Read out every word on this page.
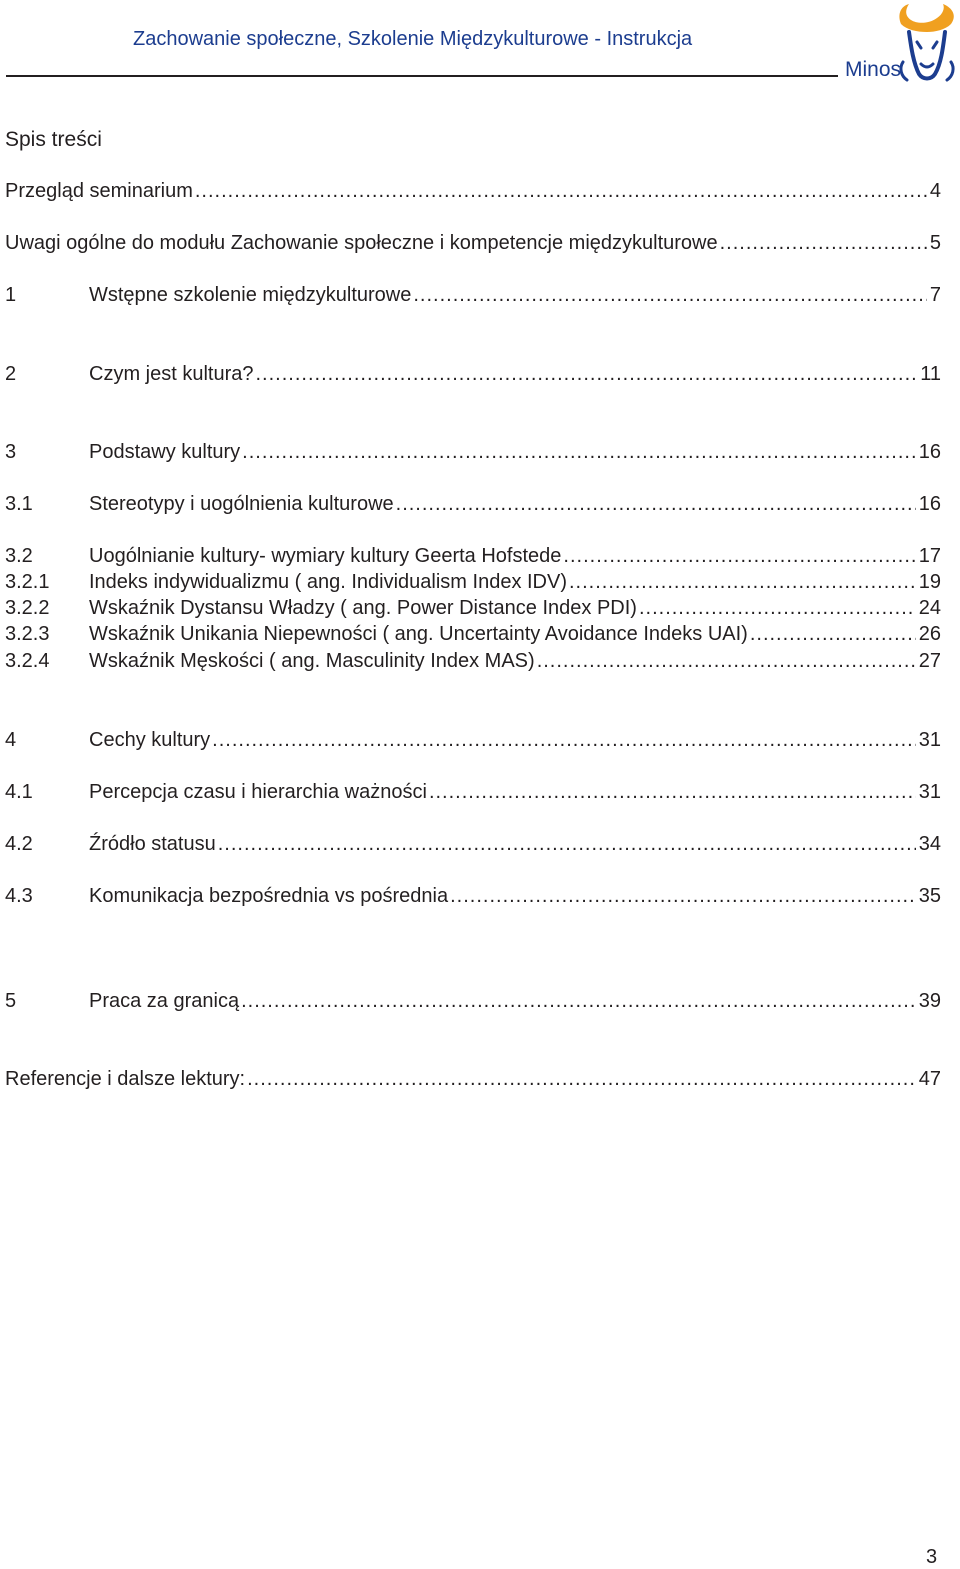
Zachowanie społeczne, Szkolenie Międzykulturowe - Instrukcja
Minos
Spis treści
Przegląd seminarium .....	4
Uwagi ogólne do modułu Zachowanie społeczne i kompetencje międzykulturowe .....	5
1	Wstępne szkolenie międzykulturowe .....	7
2	Czym jest kultura? .....	11
3	Podstawy kultury .....	16
3.1	Stereotypy i uogólnienia kulturowe .....	16
3.2	Uogólnianie kultury- wymiary kultury Geerta Hofstede .....	17
3.2.1	Indeks indywidualizmu ( ang. Individualism Index IDV) .....	19
3.2.2	Wskaźnik Dystansu Władzy ( ang. Power Distance Index PDI) .....	24
3.2.3	Wskaźnik Unikania Niepewności ( ang. Uncertainty Avoidance Indeks UAI) .....	26
3.2.4	Wskaźnik Męskości ( ang. Masculinity Index MAS) .....	27
4	Cechy kultury .....	31
4.1	Percepcja czasu i hierarchia ważności .....	31
4.2	Źródło statusu .....	34
4.3	Komunikacja bezpośrednia vs pośrednia .....	35
5	Praca za granicą .....	39
Referencje i dalsze lektury: .....	47
3
